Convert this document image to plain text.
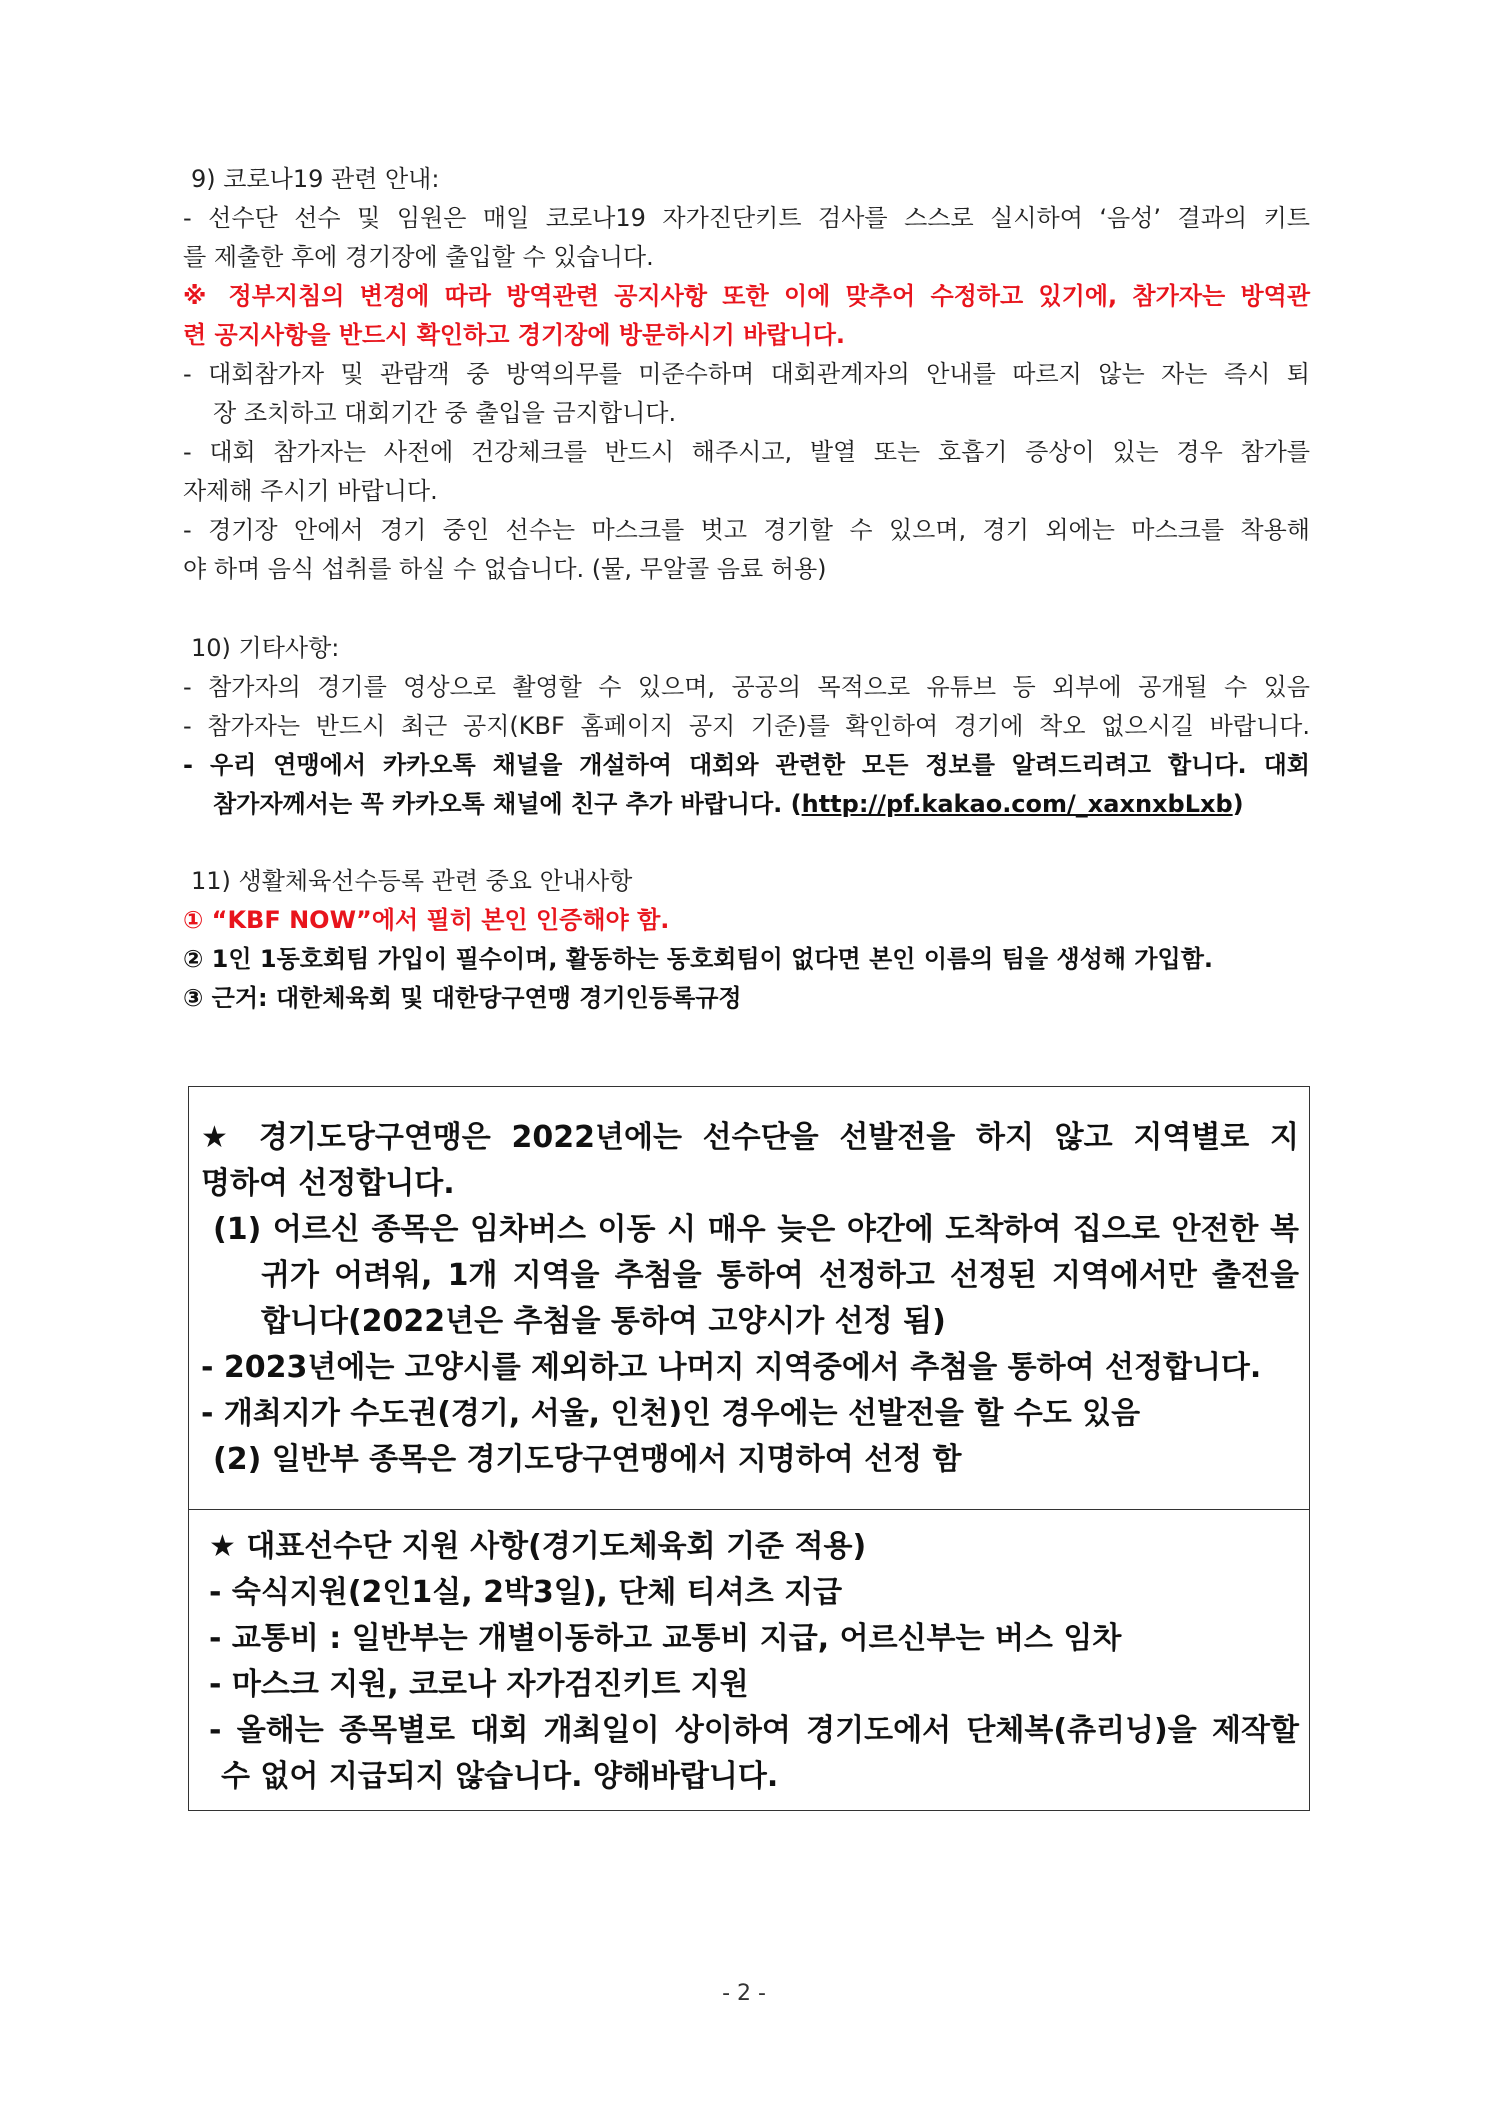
9) 코로나19 관련 안내:
- 선수단 선수 및 임원은 매일 코로나19 자가진단키트 검사를 스스로 실시하여 ‘음성’ 결과의 키트
를 제출한 후에 경기장에 출입할 수 있습니다.
※ 정부지침의 변경에 따라 방역관련 공지사항 또한 이에 맞추어 수정하고 있기에, 참가자는 방역관
련 공지사항을 반드시 확인하고 경기장에 방문하시기 바랍니다.
- 대회참가자 및 관람객 중 방역의무를 미준수하며 대회관계자의 안내를 따르지 않는 자는 즉시 퇴
장 조치하고 대회기간 중 출입을 금지합니다.
- 대회 참가자는 사전에 건강체크를 반드시 해주시고, 발열 또는 호흡기 증상이 있는 경우 참가를
자제해 주시기 바랍니다.
- 경기장 안에서 경기 중인 선수는 마스크를 벗고 경기할 수 있으며, 경기 외에는 마스크를 착용해
야 하며 음식 섭취를 하실 수 없습니다. (물, 무알콜 음료 허용)
10) 기타사항:
- 참가자의 경기를 영상으로 촬영할 수 있으며, 공공의 목적으로 유튜브 등 외부에 공개될 수 있음
- 참가자는 반드시 최근 공지(KBF 홈페이지 공지 기준)를 확인하여 경기에 착오 없으시길 바랍니다.
- 우리 연맹에서 카카오톡 채널을 개설하여 대회와 관련한 모든 정보를 알려드리려고 합니다. 대회
참가자께서는 꼭 카카오톡 채널에 친구 추가 바랍니다. (http://pf.kakao.com/_xaxnxbLxb)
11) 생활체육선수등록 관련 중요 안내사항
① “KBF NOW”에서 필히 본인 인증해야 함.
② 1인 1동호회팀 가입이 필수이며, 활동하는 동호회팀이 없다면 본인 이름의 팀을 생성해 가입함.
③ 근거: 대한체육회 및 대한당구연맹 경기인등록규정
★ 경기도당구연맹은 2022년에는 선수단을 선발전을 하지 않고 지역별로 지
명하여 선정합니다.
(1) 어르신 종목은 임차버스 이동 시 매우 늦은 야간에 도착하여 집으로 안전한 복
귀가 어려워, 1개 지역을 추첨을 통하여 선정하고 선정된 지역에서만 출전을
합니다(2022년은 추첨을 통하여 고양시가 선정 됨)
- 2023년에는 고양시를 제외하고 나머지 지역중에서 추첨을 통하여 선정합니다.
- 개최지가 수도권(경기, 서울, 인천)인 경우에는 선발전을 할 수도 있음
(2) 일반부 종목은 경기도당구연맹에서 지명하여 선정 함
★ 대표선수단 지원 사항(경기도체육회 기준 적용)
- 숙식지원(2인1실, 2박3일), 단체 티셔츠 지급
- 교통비 : 일반부는 개별이동하고 교통비 지급, 어르신부는 버스 임차
- 마스크 지원, 코로나 자가검진키트 지원
- 올해는 종목별로 대회 개최일이 상이하여 경기도에서 단체복(츄리닝)을 제작할
수 없어 지급되지 않습니다. 양해바랍니다.
- 2 -
